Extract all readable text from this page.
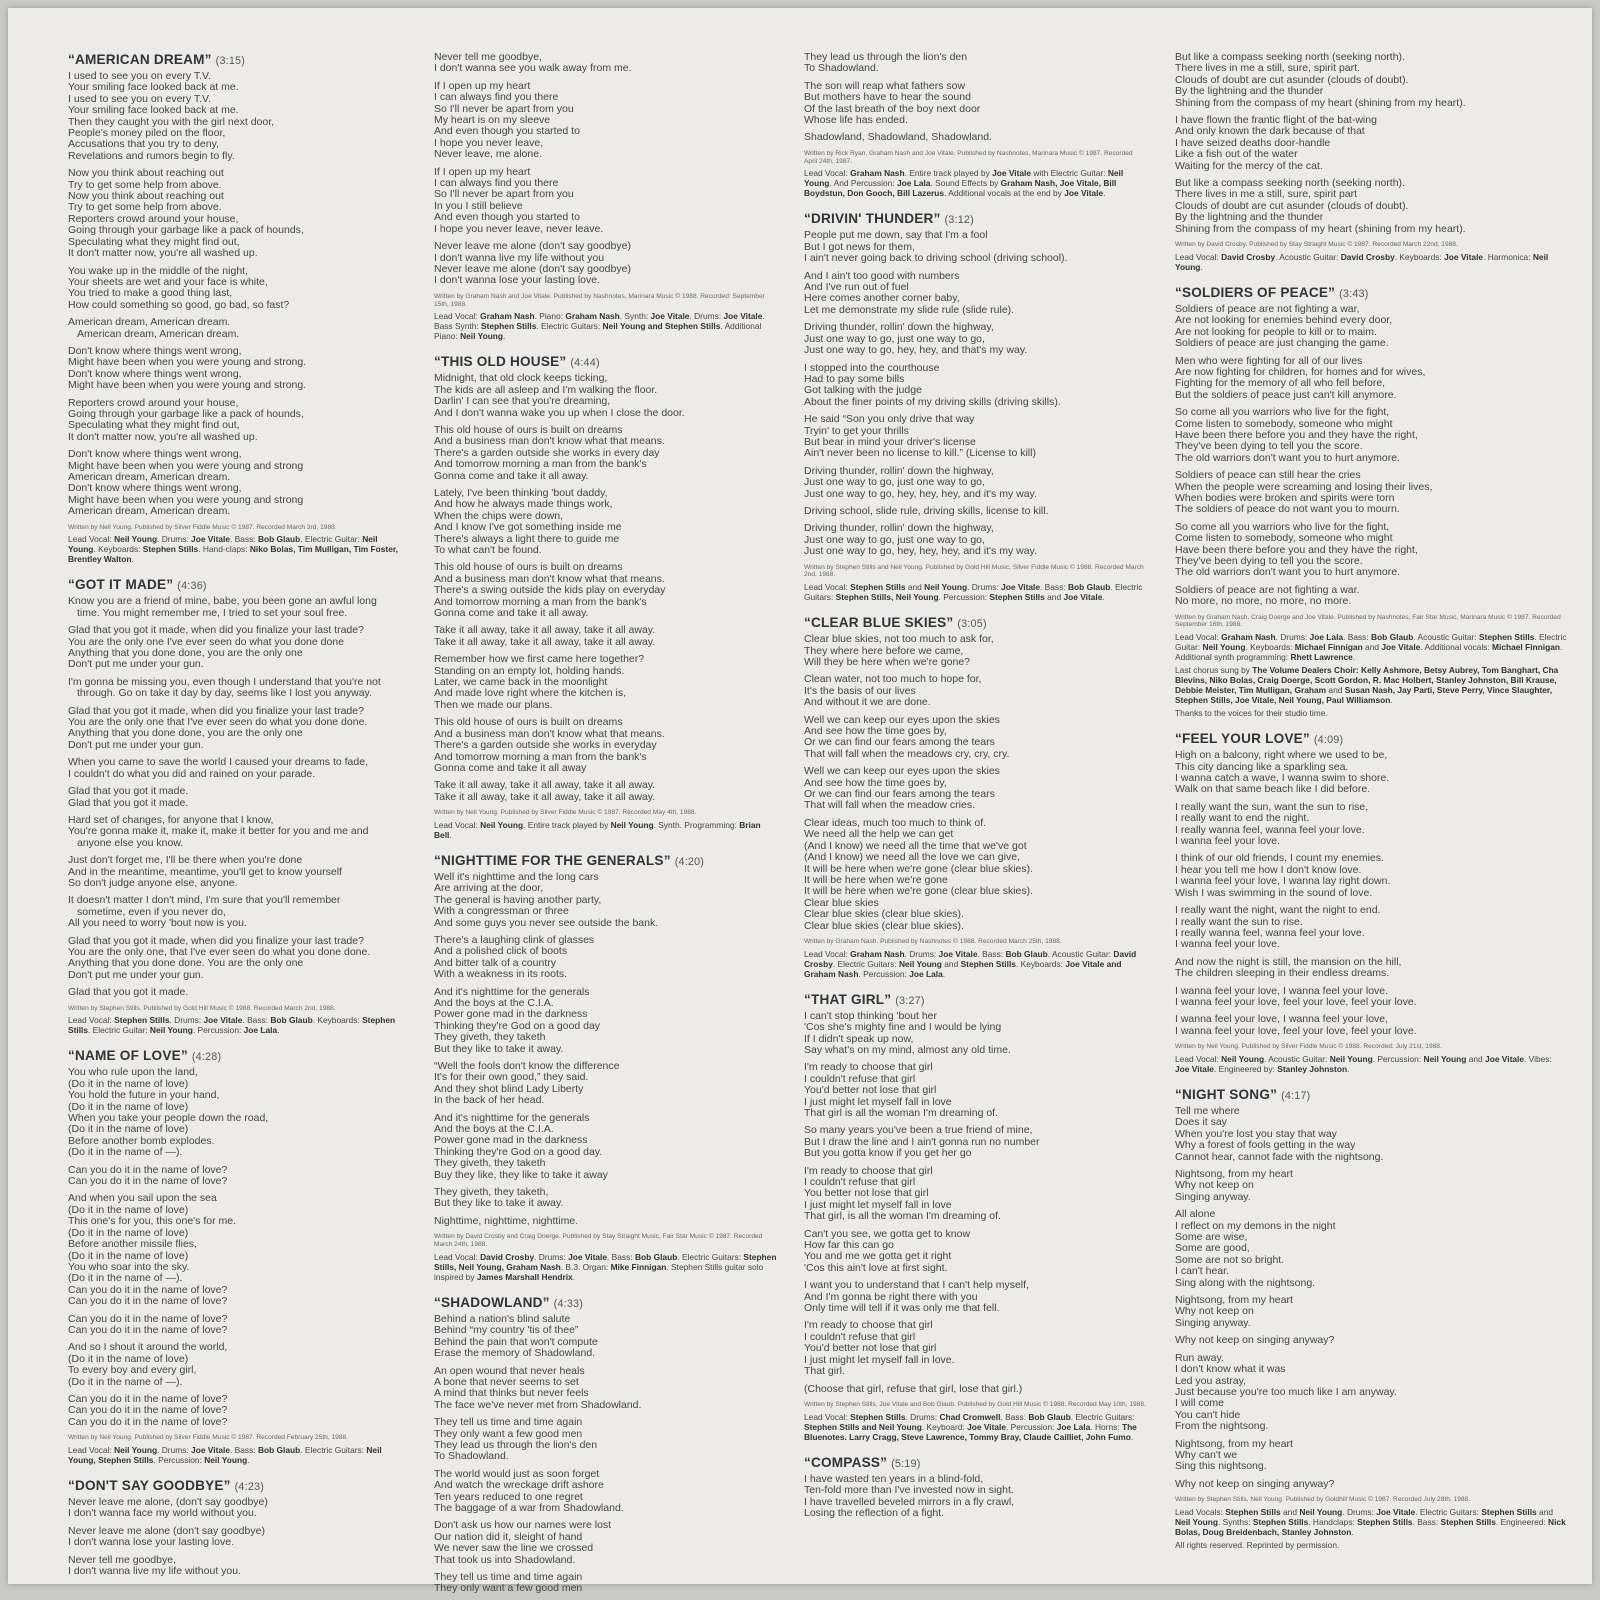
“AMERICAN DREAM” (3:15)
I used to see you on every T.V.
Your smiling face looked back at me.
I used to see you on every T.V.
Your smiling face looked back at me.
Then they caught you with the girl next door,
People's money piled on the floor,
Accusations that you try to deny,
Revelations and rumors begin to fly.
Now you think about reaching out
Try to get some help from above.
Now you think about reaching out
Try to get some help from above.
Reporters crowd around your house,
Going through your garbage like a pack of hounds,
Speculating what they might find out,
It don't matter now, you're all washed up.
You wake up in the middle of the night,
Your sheets are wet and your face is white,
You tried to make a good thing last,
How could something so good, go bad, so fast?
American dream, American dream.
American dream, American dream.
Don't know where things went wrong,
Might have been when you were young and strong.
Don't know where things went wrong,
Might have been when you were young and strong.
Reporters crowd around your house,
Going through your garbage like a pack of hounds,
Speculating what they might find out,
It don't matter now, you're all washed up.
Don't know where things went wrong,
Might have been when you were young and strong
American dream, American dream.
Don't know where things went wrong,
Might have been when you were young and strong
American dream, American dream.
Written by Neil Young. Published by Silver Fiddle Music © 1987. Recorded March 3rd, 1988.
Lead Vocal: Neil Young. Drums: Joe Vitale. Bass: Bob Glaub. Electric Guitar: Neil Young. Keyboards: Stephen Stills. Hand-claps: Niko Bolas, Tim Mulligan, Tim Foster, Brentley Walton.
“GOT IT MADE” (4:36)
Know you are a friend of mine, babe, you been gone an awful long
time. You might remember me, I tried to set your soul free.
Glad that you got it made, when did you finalize your last trade?
You are the only one I've ever seen do what you done done
Anything that you done done, you are the only one
Don't put me under your gun.
I'm gonna be missing you, even though I understand that you're not
through. Go on take it day by day, seems like I lost you anyway.
Glad that you got it made, when did you finalize your last trade?
You are the only one that I've ever seen do what you done done.
Anything that you done done, you are the only one
Don't put me under your gun.
When you came to save the world I caused your dreams to fade,
I couldn't do what you did and rained on your parade.
Glad that you got it made.
Glad that you got it made.
Hard set of changes, for anyone that I know,
You're gonna make it, make it, make it better for you and me and
anyone else you know.
Just don't forget me, I'll be there when you're done
And in the meantime, meantime, you'll get to know yourself
So don't judge anyone else, anyone.
It doesn't matter I don't mind, I'm sure that you'll remember
sometime, even if you never do,
All you need to worry 'bout now is you.
Glad that you got it made, when did you finalize your last trade?
You are the only one, that I've ever seen do what you done done.
Anything that you done done. You are the only one
Don't put me under your gun.
Glad that you got it made.
Written by Stephen Stills. Published by Gold Hill Music © 1988. Recorded March 2nd, 1988.
Lead Vocal: Stephen Stills. Drums: Joe Vitale. Bass: Bob Glaub. Keyboards: Stephen Stills. Electric Guitar: Neil Young. Percussion: Joe Lala.
“NAME OF LOVE” (4:28)
You who rule upon the land,
(Do it in the name of love)
You hold the future in your hand,
(Do it in the name of love)
When you take your people down the road,
(Do it in the name of love)
Before another bomb explodes.
(Do it in the name of —).
Can you do it in the name of love?
Can you do it in the name of love?
And when you sail upon the sea
(Do it in the name of love)
This one's for you, this one's for me.
(Do it in the name of love)
Before another missile flies,
(Do it in the name of love)
You who soar into the sky.
(Do it in the name of —).
Can you do it in the name of love?
Can you do it in the name of love?
Can you do it in the name of love?
Can you do it in the name of love?
And so I shout it around the world,
(Do it in the name of love)
To every boy and every girl,
(Do it in the name of —).
Can you do it in the name of love?
Can you do it in the name of love?
Can you do it in the name of love?
Written by Neil Young. Published by Silver Fiddle Music © 1987. Recorded February 25th, 1988.
Lead Vocal: Neil Young. Drums: Joe Vitale. Bass: Bob Glaub. Electric Guitars: Neil Young, Stephen Stills. Percussion: Neil Young.
“DON'T SAY GOODBYE” (4:23)
Never leave me alone, (don't say goodbye)
I don't wanna face my world without you.
Never leave me alone (don't say goodbye)
I don't wanna lose your lasting love.
Never tell me goodbye,
I don't wanna live my life without you.
Never tell me goodbye,
I don't wanna see you walk away from me.
If I open up my heart
I can always find you there
So I'll never be apart from you
My heart is on my sleeve
And even though you started to
I hope you never leave,
Never leave, me alone.
If I open up my heart
I can always find you there
So I'll never be apart from you
In you I still believe
And even though you started to
I hope you never leave, never leave.
Never leave me alone (don't say goodbye)
I don't wanna live my life without you
Never leave me alone (don't say goodbye)
I don't wanna lose your lasting love.
Written by Graham Nash and Joe Vitale. Published by Nashnotes, Marinara Music © 1988. Recorded: September 15th, 1988.
Lead Vocal: Graham Nash. Piano: Graham Nash. Synth: Joe Vitale. Drums: Joe Vitale. Bass Synth: Stephen Stills. Electric Guitars: Neil Young and Stephen Stills. Additional Piano: Neil Young.
“THIS OLD HOUSE” (4:44)
Midnight, that old clock keeps ticking,
The kids are all asleep and I'm walking the floor.
Darlin' I can see that you're dreaming,
And I don't wanna wake you up when I close the door.
This old house of ours is built on dreams
And a business man don't know what that means.
There's a garden outside she works in every day
And tomorrow morning a man from the bank's
Gonna come and take it all away.
Lately, I've been thinking 'bout daddy,
And how he always made things work,
When the chips were down,
And I know I've got something inside me
There's always a light there to guide me
To what can't be found.
This old house of ours is built on dreams
And a business man don't know what that means.
There's a swing outside the kids play on everyday
And tomorrow morning a man from the bank's
Gonna come and take it all away.
Take it all away, take it all away, take it all away.
Take it all away, take it all away, take it all away.
Remember how we first came here together?
Standing on an empty lot, holding hands.
Later, we came back in the moonlight
And made love right where the kitchen is,
Then we made our plans.
This old house of ours is built on dreams
And a business man don't know what that means.
There's a garden outside she works in everyday
And tomorrow morning a man from the bank's
Gonna come and take it all away
Take it all away, take it all away, take it all away.
Take it all away, take it all away, take it all away.
Written by Neil Young. Published by Silver Fiddle Music © 1987. Recorded May 4th, 1988.
Lead Vocal: Neil Young. Entire track played by Neil Young. Synth. Programming: Brian Bell.
“NIGHTTIME FOR THE GENERALS” (4:20)
Well it's nighttime and the long cars
Are arriving at the door,
The general is having another party,
With a congressman or three
And some guys you never see outside the bank.
There's a laughing clink of glasses
And a polished click of boots
And bitter talk of a country
With a weakness in its roots.
And it's nighttime for the generals
And the boys at the C.I.A.
Power gone mad in the darkness
Thinking they're God on a good day
They giveth, they taketh
But they like to take it away.
“Well the fools don't know the difference
It's for their own good,” they said.
And they shot blind Lady Liberty
In the back of her head.
And it's nighttime for the generals
And the boys at the C.I.A.
Power gone mad in the darkness
Thinking they're God on a good day.
They giveth, they taketh
Buy they like, they like to take it away
They giveth, they taketh,
But they like to take it away.
Nighttime, nighttime, nighttime.
Written by David Crosby and Craig Doerge. Published by Stay Straight Music, Fair Star Music © 1987. Recorded March 24th, 1988.
Lead Vocal: David Crosby. Drums: Joe Vitale. Bass: Bob Glaub. Electric Guitars: Stephen Stills, Neil Young, Graham Nash. B.3. Organ: Mike Finnigan. Stephen Stills guitar solo inspired by James Marshall Hendrix.
“SHADOWLAND” (4:33)
Behind a nation's blind salute
Behind “my country 'tis of thee”
Behind the pain that won't compute
Erase the memory of Shadowland.
An open wound that never heals
A bone that never seems to set
A mind that thinks but never feels
The face we've never met from Shadowland.
They tell us time and time again
They only want a few good men
They lead us through the lion's den
To Shadowland.
The world would just as soon forget
And watch the wreckage drift ashore
Ten years reduced to one regret
The baggage of a war from Shadowland.
Don't ask us how our names were lost
Our nation did it, sleight of hand
We never saw the line we crossed
That took us into Shadowland.
They tell us time and time again
They only want a few good men
They lead us through the lion's den
To Shadowland.
The son will reap what fathers sow
But mothers have to hear the sound
Of the last breath of the boy next door
Whose life has ended.
Shadowland, Shadowland, Shadowland.
Written by Rick Ryan, Graham Nash and Joe Vitale. Published by Nashnotes, Marinara Music © 1987. Recorded April 24th, 1987.
Lead Vocal: Graham Nash. Entire track played by Joe Vitale with Electric Guitar: Neil Young. And Percussion: Joe Lala. Sound Effects by Graham Nash, Joe Vitale, Bill Boydstun, Don Gooch, Bill Lazerus. Additional vocals at the end by Joe Vitale.
“DRIVIN' THUNDER” (3:12)
People put me down, say that I'm a fool
But I got news for them,
I ain't never going back to driving school (driving school).
And I ain't too good with numbers
And I've run out of fuel
Here comes another corner baby,
Let me demonstrate my slide rule (slide rule).
Driving thunder, rollin' down the highway,
Just one way to go, just one way to go,
Just one way to go, hey, hey, and that's my way.
I stopped into the courthouse
Had to pay some bills
Got talking with the judge
About the finer points of my driving skills (driving skills).
He said “Son you only drive that way
Tryin' to get your thrills
But bear in mind your driver's license
Ain't never been no license to kill.” (License to kill)
Driving thunder, rollin' down the highway,
Just one way to go, just one way to go,
Just one way to go, hey, hey, hey, and it's my way.
Driving school, slide rule, driving skills, license to kill.
Driving thunder, rollin' down the highway,
Just one way to go, just one way to go,
Just one way to go, hey, hey, hey, and it's my way.
Written by Stephen Stills and Neil Young. Published by Gold Hill Music, Silver Fiddle Music © 1988. Recorded March 2nd, 1988.
Lead Vocal: Stephen Stills and Neil Young. Drums: Joe Vitale. Bass: Bob Glaub. Electric Guitars: Stephen Stills, Neil Young. Percussion: Stephen Stills and Joe Vitale.
“CLEAR BLUE SKIES” (3:05)
Clear blue skies, not too much to ask for,
They where here before we came,
Will they be here when we're gone?
Clean water, not too much to hope for,
It's the basis of our lives
And without it we are done.
Well we can keep our eyes upon the skies
And see how the time goes by,
Or we can find our fears among the tears
That will fall when the meadows cry, cry, cry.
Well we can keep our eyes upon the skies
And see how the time goes by,
Or we can find our fears among the tears
That will fall when the meadow cries.
Clear ideas, much too much to think of.
We need all the help we can get
(And I know) we need all the time that we've got
(And I know) we need all the love we can give,
It will be here when we're gone (clear blue skies).
It will be here when we're gone
It will be here when we're gone (clear blue skies).
Clear blue skies
Clear blue skies (clear blue skies).
Clear blue skies (clear blue skies).
Written by Graham Nash. Published by Nashnotes © 1988. Recorded March 25th, 1988.
Lead Vocal: Graham Nash. Drums: Joe Vitale. Bass: Bob Glaub. Acoustic Guitar: David Crosby. Electric Guitars: Neil Young and Stephen Stills. Keyboards: Joe Vitale and Graham Nash. Percussion: Joe Lala.
“THAT GIRL” (3:27)
I can't stop thinking 'bout her
'Cos she's mighty fine and I would be lying
If I didn't speak up now,
Say what's on my mind, almost any old time.
I'm ready to choose that girl
I couldn't refuse that girl
You'd better not lose that girl
I just might let myself fall in love
That girl is all the woman I'm dreaming of.
So many years you've been a true friend of mine,
But I draw the line and I ain't gonna run no number
But you gotta know if you get her go
I'm ready to choose that girl
I couldn't refuse that girl
You better not lose that girl
I just might let myself fall in love
That girl, is all the woman I'm dreaming of.
Can't you see, we gotta get to know
How far this can go
You and me we gotta get it right
'Cos this ain't love at first sight.
I want you to understand that I can't help myself,
And I'm gonna be right there with you
Only time will tell if it was only me that fell.
I'm ready to choose that girl
I couldn't refuse that girl
You'd better not lose that girl
I just might let myself fall in love.
That girl.
(Choose that girl, refuse that girl, lose that girl.)
Written by Stephen Stills, Joe Vitale and Bob Glaub. Published by Gold Hill Music © 1988. Recorded May 10th, 1988.
Lead Vocal: Stephen Stills. Drums: Chad Cromwell. Bass: Bob Glaub. Electric Guitars: Stephen Stills and Neil Young. Keyboard: Joe Vitale. Percussion: Joe Lala. Horns: The Bluenotes. Larry Cragg, Steve Lawrence, Tommy Bray, Claude Cailliet, John Fumo.
“COMPASS” (5:19)
I have wasted ten years in a blind-fold,
Ten-fold more than I've invested now in sight.
I have travelled beveled mirrors in a fly crawl,
Losing the reflection of a fight.
But like a compass seeking north (seeking north).
There lives in me a still, sure, spirit part.
Clouds of doubt are cut asunder (clouds of doubt).
By the lightning and the thunder
Shining from the compass of my heart (shining from my heart).
I have flown the frantic flight of the bat-wing
And only known the dark because of that
I have seized deaths door-handle
Like a fish out of the water
Waiting for the mercy of the cat.
But like a compass seeking north (seeking north).
There lives in me a still, sure, spirit part
Clouds of doubt are cut asunder (clouds of doubt).
By the lightning and the thunder
Shining from the compass of my heart (shining from my heart).
Written by David Crosby. Published by Stay Straight Music © 1987. Recorded March 22nd, 1988.
Lead Vocal: David Crosby. Acoustic Guitar: David Crosby. Keyboards: Joe Vitale. Harmonica: Neil Young.
“SOLDIERS OF PEACE” (3:43)
Soldiers of peace are not fighting a war,
Are not looking for enemies behind every door,
Are not looking for people to kill or to maim.
Soldiers of peace are just changing the game.
Men who were fighting for all of our lives
Are now fighting for children, for homes and for wives,
Fighting for the memory of all who fell before,
But the soldiers of peace just can't kill anymore.
So come all you warriors who live for the fight,
Come listen to somebody, someone who might
Have been there before you and they have the right,
They've been dying to tell you the score.
The old warriors don't want you to hurt anymore.
Soldiers of peace can still hear the cries
When the people were screaming and losing their lives,
When bodies were broken and spirits were torn
The soldiers of peace do not want you to mourn.
So come all you warriors who live for the fight,
Come listen to somebody, someone who might
Have been there before you and they have the right,
They've been dying to tell you the score.
The old warriors don't want you to hurt anymore.
Soldiers of peace are not fighting a war.
No more, no more, no more, no more.
Written by Graham Nash, Craig Doerge and Joe Vitale. Published by Nashnotes, Fair Star Music, Marinara Music © 1987. Recorded September 16th, 1988.
Lead Vocal: Graham Nash. Drums: Joe Lala. Bass: Bob Glaub. Acoustic Guitar: Stephen Stills. Electric Guitar: Neil Young. Keyboards: Michael Finnigan and Joe Vitale. Additional vocals: Michael Finnigan. Additional synth programming: Rhett Lawrence.
Last chorus sung by The Volume Dealers Choir: Kelly Ashmore, Betsy Aubrey, Tom Banghart, Cha Blevins, Niko Bolas, Craig Doerge, Scott Gordon, R. Mac Holbert, Stanley Johnston, Bill Krause, Debbie Meister, Tim Mulligan, Graham and Susan Nash, Jay Parti, Steve Perry, Vince Slaughter, Stephen Stills, Joe Vitale, Neil Young, Paul Williamson.
Thanks to the voices for their studio time.
“FEEL YOUR LOVE” (4:09)
High on a balcony, right where we used to be,
This city dancing like a sparkling sea.
I wanna catch a wave, I wanna swim to shore.
Walk on that same beach like I did before.
I really want the sun, want the sun to rise,
I really want to end the night.
I really wanna feel, wanna feel your love.
I wanna feel your love.
I think of our old friends, I count my enemies.
I hear you tell me how I don't know love.
I wanna feel your love, I wanna lay right down.
Wish I was swimming in the sound of love.
I really want the night, want the night to end.
I really want the sun to rise.
I really wanna feel, wanna feel your love.
I wanna feel your love.
And now the night is still, the mansion on the hill,
The children sleeping in their endless dreams.
I wanna feel your love, I wanna feel your love.
I wanna feel your love, feel your love, feel your love.
I wanna feel your love, I wanna feel your love,
I wanna feel your love, feel your love, feel your love.
Written by Neil Young. Published by Silver Fiddle Music © 1988. Recorded: July 21st, 1988.
Lead Vocal: Neil Young. Acoustic Guitar: Neil Young. Percussion: Neil Young and Joe Vitale. Vibes: Joe Vitale. Engineered by: Stanley Johnston.
“NIGHT SONG” (4:17)
Tell me where
Does it say
When you're lost you stay that way
Why a forest of fools getting in the way
Cannot hear, cannot fade with the nightsong.
Nightsong, from my heart
Why not keep on
Singing anyway.
All alone
I reflect on my demons in the night
Some are wise,
Some are good,
Some are not so bright.
I can't hear.
Sing along with the nightsong.
Nightsong, from my heart
Why not keep on
Singing anyway.
Why not keep on singing anyway?
Run away.
I don't know what it was
Led you astray,
Just because you're too much like I am anyway.
I will come
You can't hide
From the nightsong.
Nightsong, from my heart
Why can't we
Sing this nightsong.
Why not keep on singing anyway?
Written by Stephen Stills, Neil Young. Published by Goldhill Music © 1987. Recorded July 28th, 1988.
Lead Vocals: Stephen Stills and Neil Young. Drums: Joe Vitale. Electric Guitars: Stephen Stills and Neil Young. Synths: Stephen Stills. Handclaps: Stephen Stills. Bass: Stephen Stills. Engineered: Nick Bolas, Doug Breidenbach, Stanley Johnston.
All rights reserved. Reprinted by permission.
